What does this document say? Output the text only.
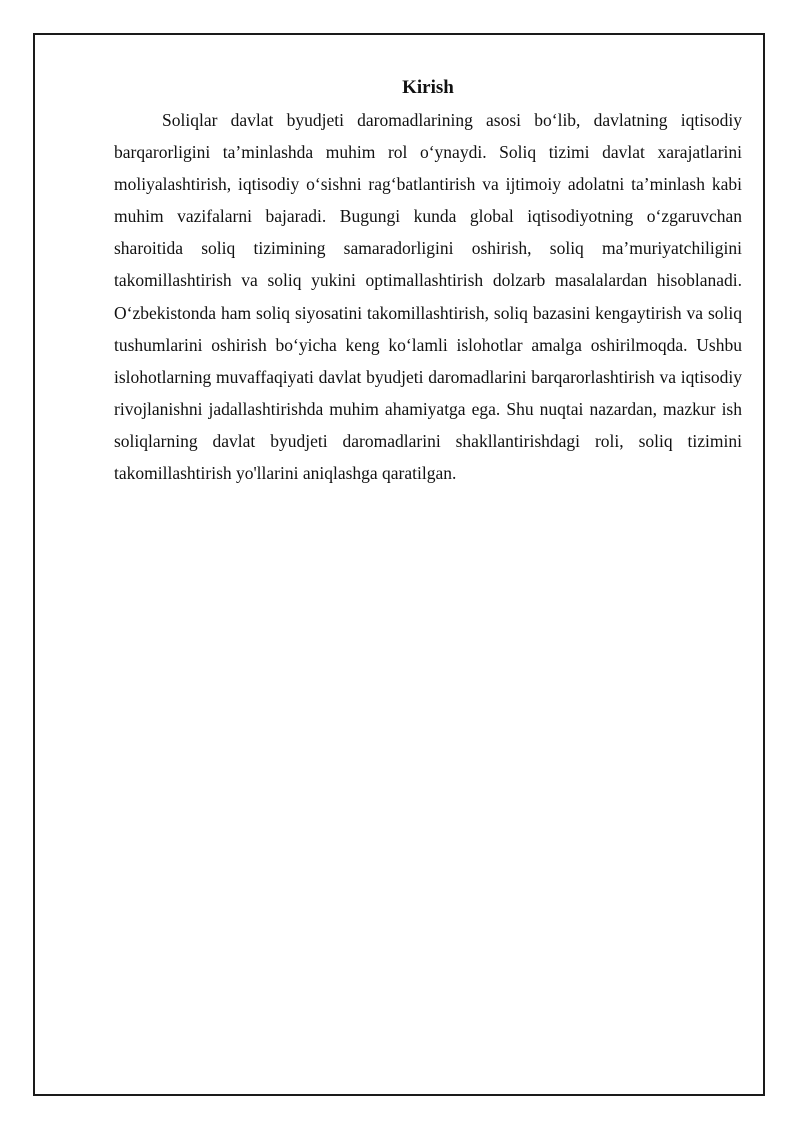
Kirish

Soliqlar davlat byudjeti daromadlarining asosi boʻlib, davlatning iqtisodiy barqarorligini ta’minlashda muhim rol oʻynaydi. Soliq tizimi davlat xarajatlarini moliyalashtirish, iqtisodiy oʻsishni ragʻbatlantirish va ijtimoiy adolatni ta’minlash kabi muhim vazifalarni bajaradi. Bugungi kunda global iqtisodiyotning oʻzgaruvchan sharoitida soliq tizimining samaradorligini oshirish, soliq ma’muriyatchiligini takomillashtirish va soliq yukini optimallashtirish dolzarb masalalardan hisoblanadi. Oʻzbekistonda ham soliq siyosatini takomillashtirish, soliq bazasini kengaytirish va soliq tushumlarini oshirish boʻyicha keng koʻlamli islohotlar amalga oshirilmoqda. Ushbu islohotlarning muvaffaqiyati davlat byudjeti daromadlarini barqarorlashtirish va iqtisodiy rivojlanishni jadallashtirishda muhim ahamiyatga ega. Shu nuqtai nazardan, mazkur ish soliqlarning davlat byudjeti daromadlarini shakllantirishdagi roli, soliq tizimini takomillashtirish yo'llarini aniqlashga qaratilgan.
